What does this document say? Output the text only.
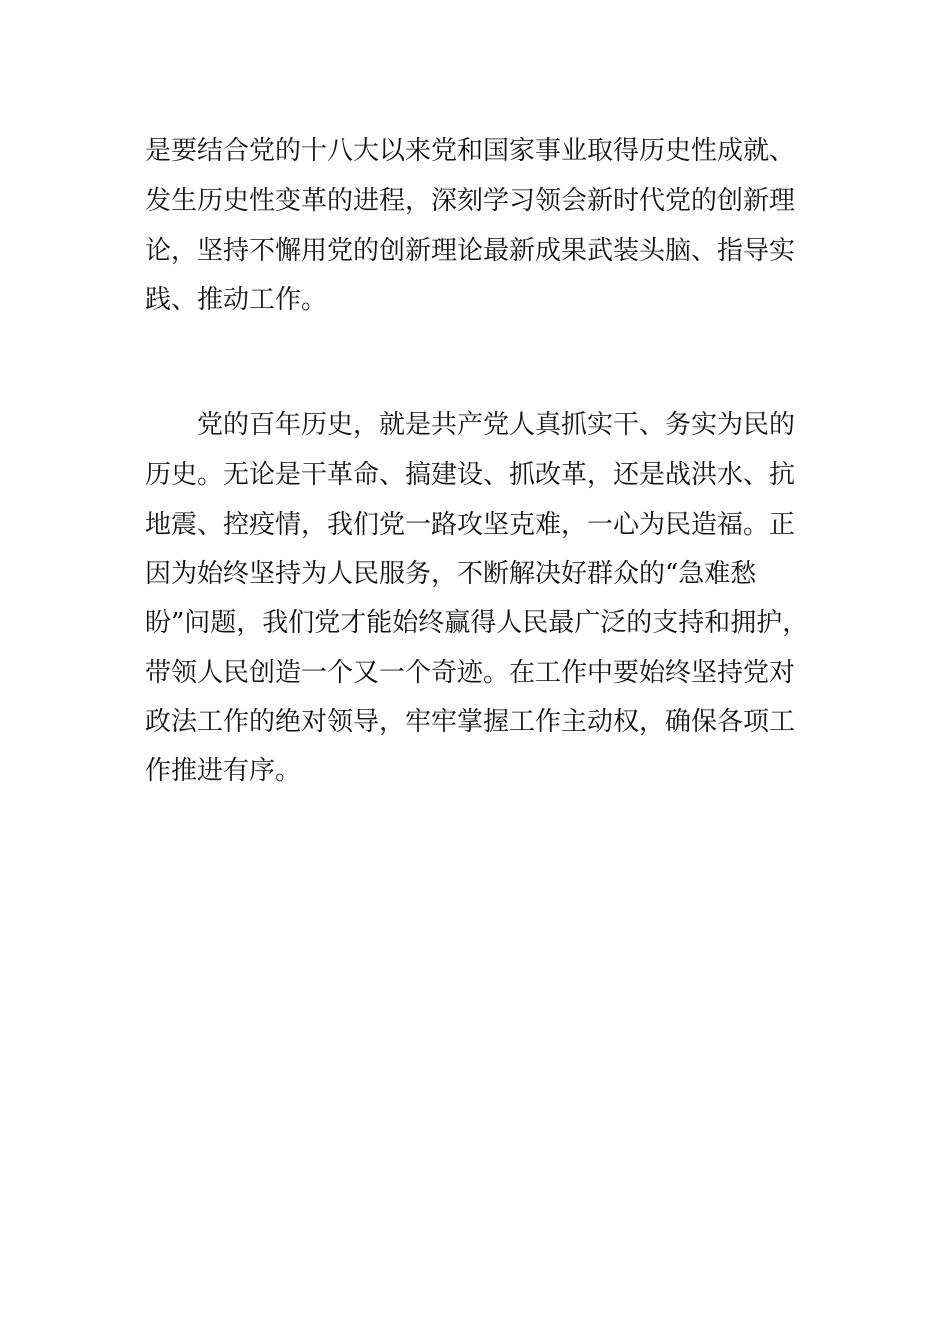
是要结合党的十八大以来党和国家事业取得历史性成就、

发生历史性变革的进程，深刻学习领会新时代党的创新理

论，坚持不懈用党的创新理论最新成果武装头脑、指导实

践、推动工作。

党的百年历史，就是共产党人真抓实干、务实为民的

历史。无论是干革命、搞建设、抓改革，还是战洪水、抗

地震、控疫情，我们党一路攻坚克难，一心为民造福。正

因为始终坚持为人民服务，不断解决好群众的“急难愁

盼”问题，我们党才能始终赢得人民最广泛的支持和拥护，

带领人民创造一个又一个奇迹。在工作中要始终坚持党对

政法工作的绝对领导，牢牢掌握工作主动权，确保各项工

作推进有序。
